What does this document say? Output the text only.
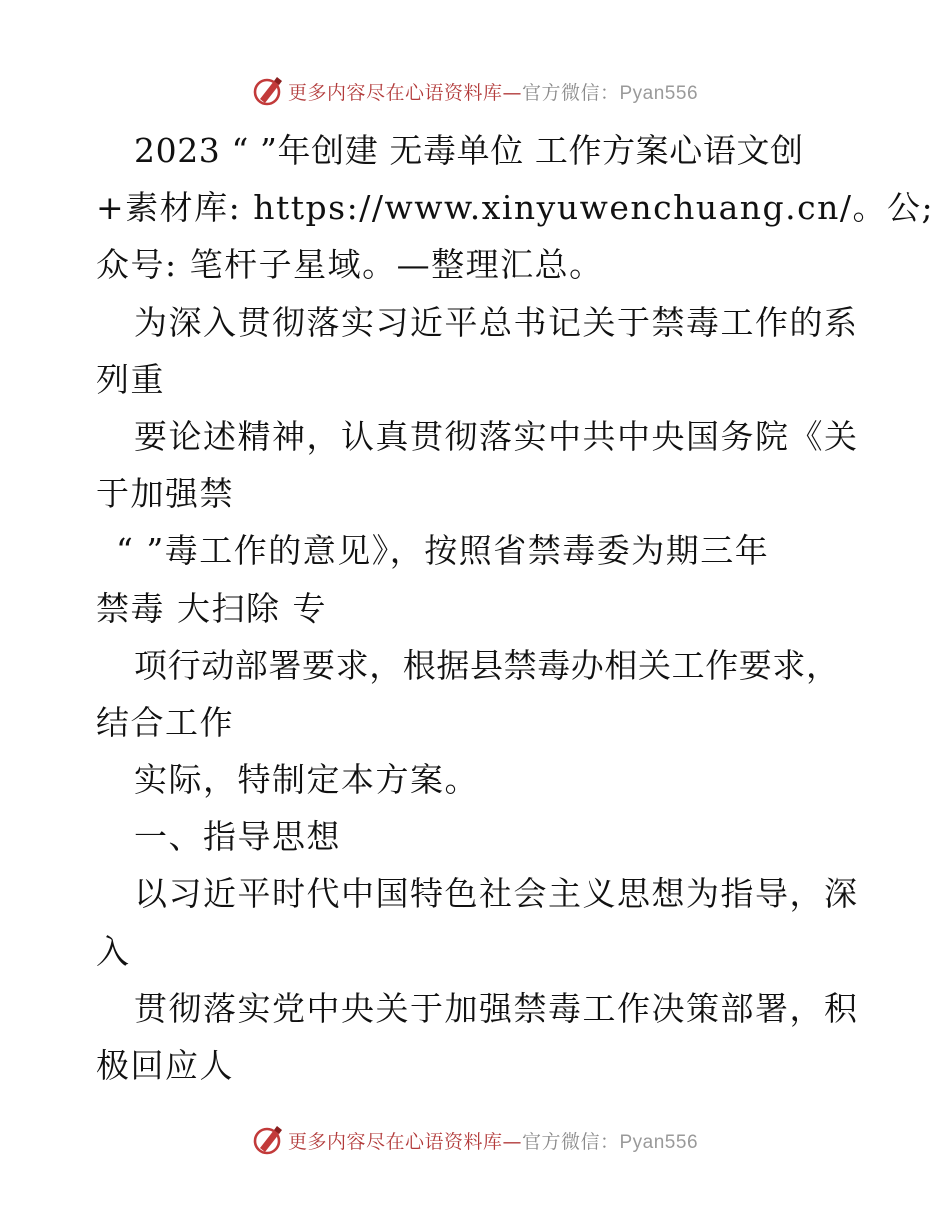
更多内容尽在心语资料库—官方微信：Pyan556
2023 “ ”年创建 无毒单位 工作方案心语文创
+素材库: https://www.xinyuwenchuang.cn/。公;
众号: 笔杆子星域。—整理汇总。
为深入贯彻落实习近平总书记关于禁毒工作的系
列重
要论述精神，认真贯彻落实中共中央国务院《关
于加强禁
“ ”毒工作的意见》，按照省禁毒委为期三年
禁毒 大扫除 专
项行动部署要求，根据县禁毒办相关工作要求，
结合工作
实际，特制定本方案。
一、指导思想
以习近平时代中国特色社会主义思想为指导，深
入
贯彻落实党中央关于加强禁毒工作决策部署，积
极回应人
更多内容尽在心语资料库—官方微信：Pyan556
